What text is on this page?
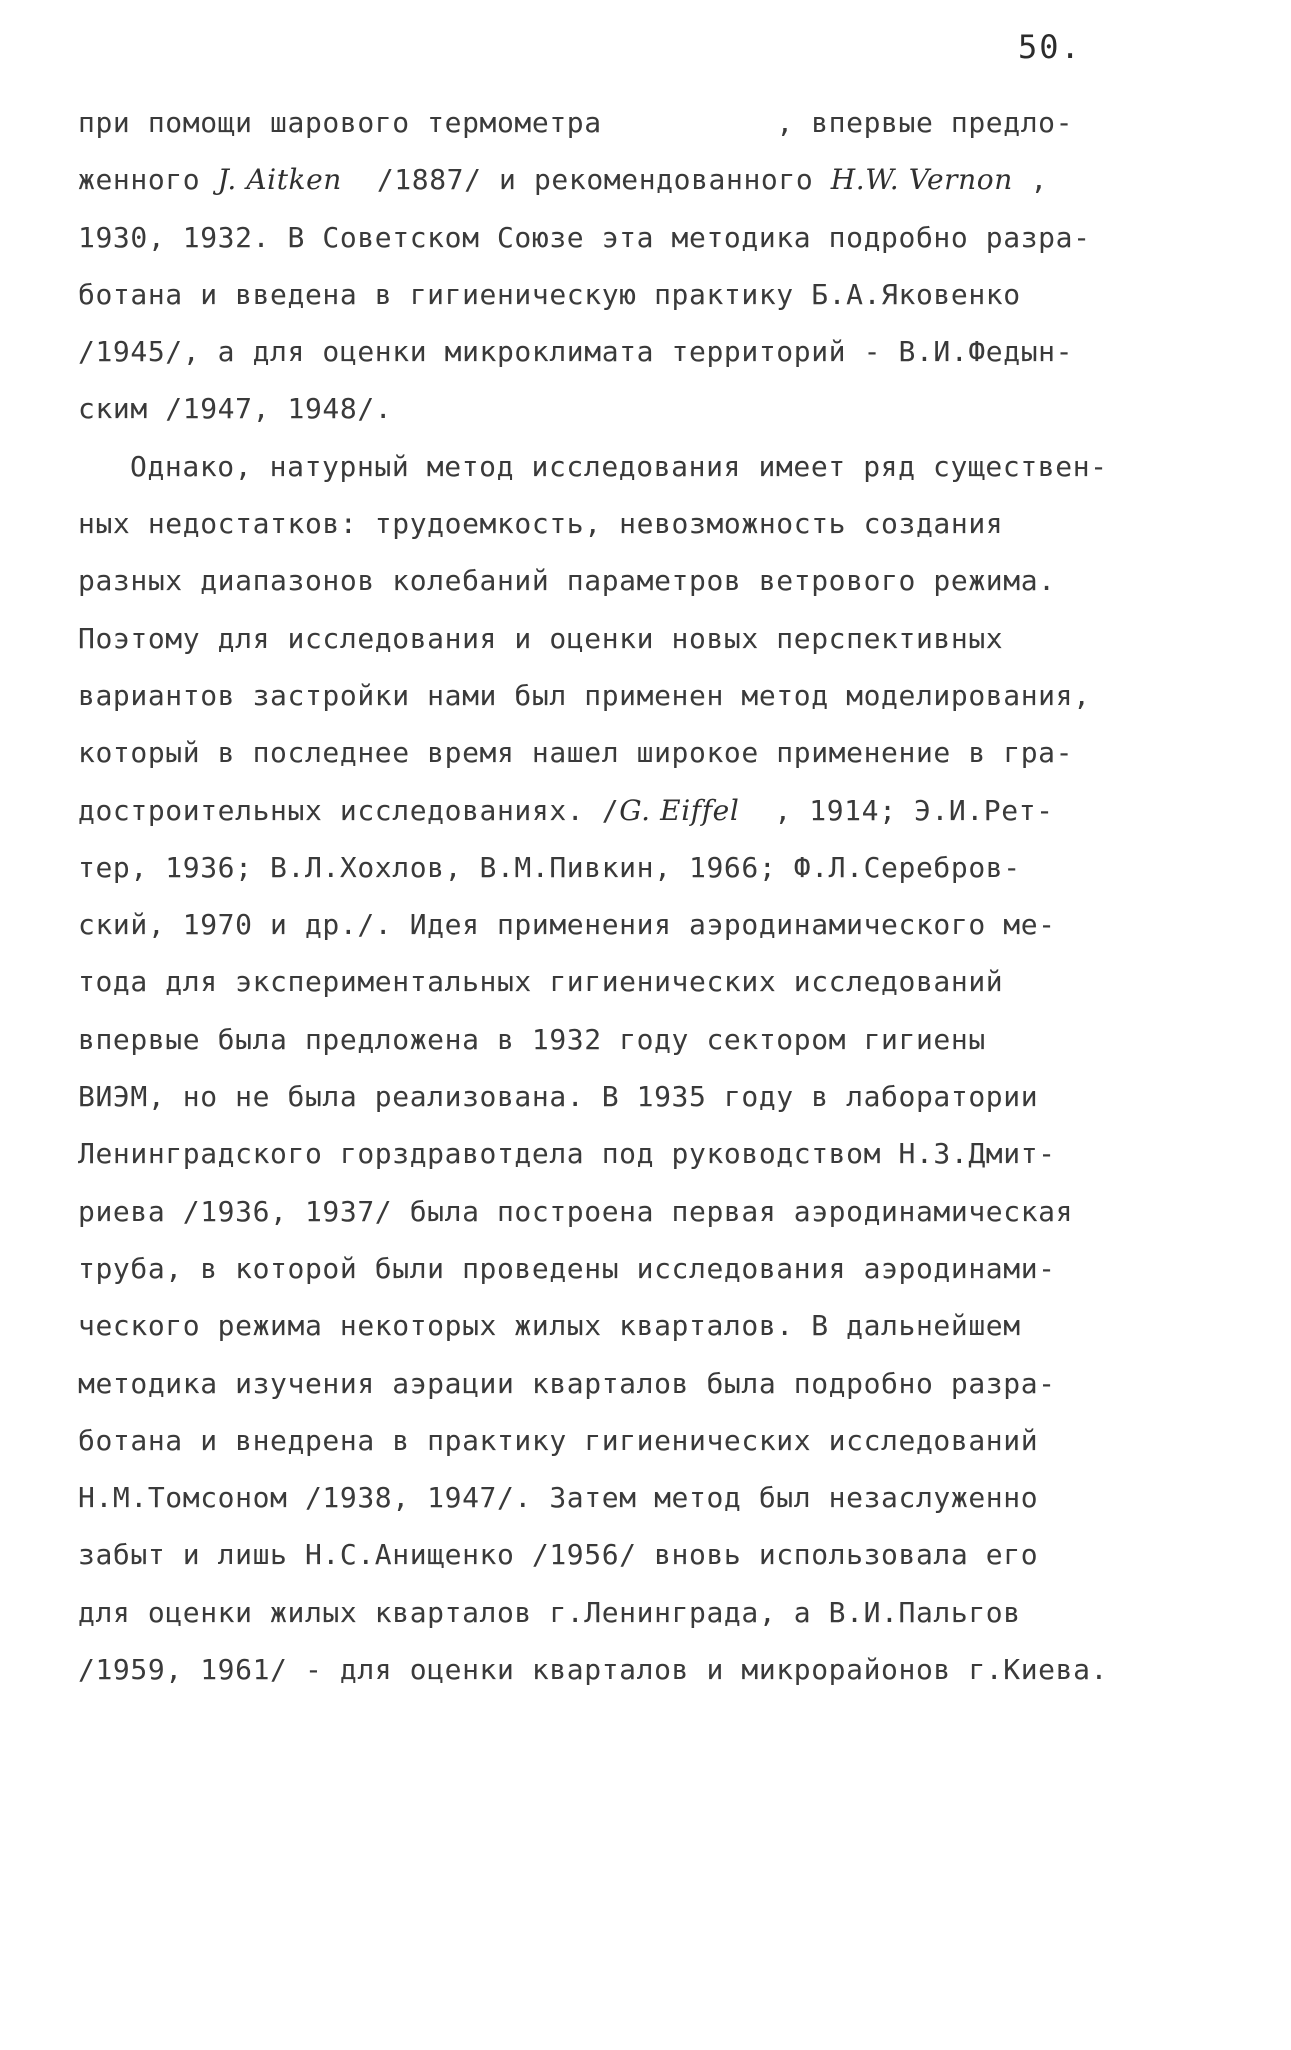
50.
при помощи шарового термометра	, впервые предло-
женного J. Aitken  /1887/ и рекомендованного H.W. Vernon ,
1930, 1932. В Советском Союзе эта методика подробно разра-
ботана и введена в гигиеническую практику Б.А.Яковенко
/1945/, а для оценки микроклимата территорий - В.И.Федын-
ским /1947, 1948/.
Однако, натурный метод исследования имеет ряд существен-
ных недостатков: трудоемкость, невозможность создания
разных диапазонов колебаний параметров ветрового режима.
Поэтому для исследования и оценки новых перспективных
вариантов застройки нами был применен метод моделирования,
который в последнее время нашел широкое применение в гра-
достроительных исследованиях. /G. Eiffel  , 1914; Э.И.Рет-
тер, 1936; В.Л.Хохлов, В.М.Пивкин, 1966; Ф.Л.Серебров-
ский, 1970 и др./. Идея применения аэродинамического ме-
тода для экспериментальных гигиенических исследований
впервые была предложена в 1932 году сектором гигиены
ВИЭМ, но не была реализована. В 1935 году в лаборатории
Ленинградского горздравотдела под руководством Н.З.Дмит-
риева /1936, 1937/ была построена первая аэродинамическая
труба, в которой были проведены исследования аэродинами-
ческого режима некоторых жилых кварталов. В дальнейшем
методика изучения аэрации кварталов была подробно разра-
ботана и внедрена в практику гигиенических исследований
Н.М.Томсоном /1938, 1947/. Затем метод был незаслуженно
забыт и лишь Н.С.Анищенко /1956/ вновь использовала его
для оценки жилых кварталов г.Ленинграда, а В.И.Пальгов
/1959, 1961/ - для оценки кварталов и микрорайонов г.Киева.
